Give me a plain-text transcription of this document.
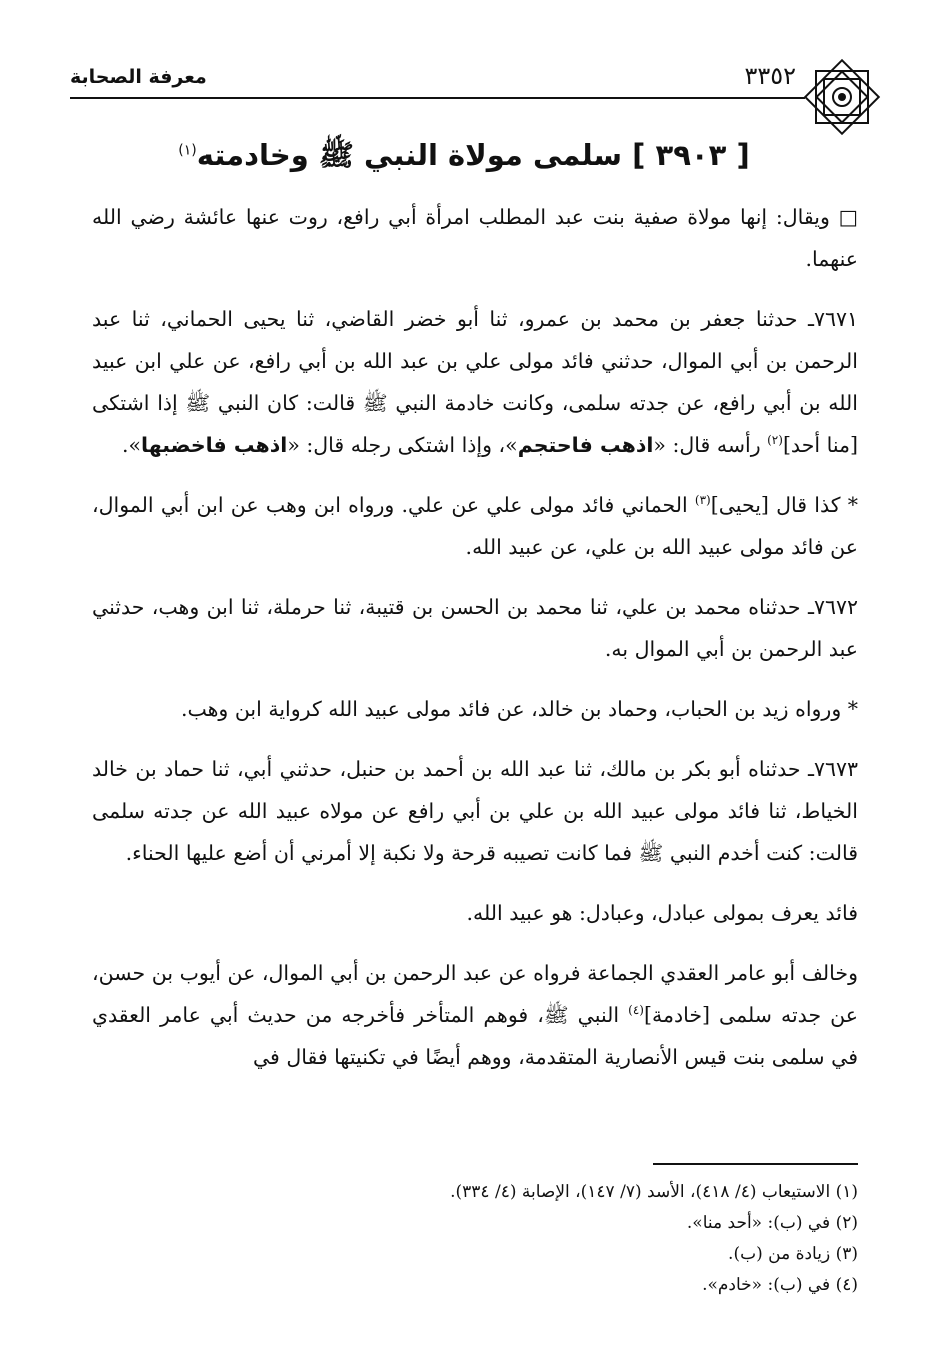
معرفة الصحابة	٣٣٥٢
[ ٣٩٠٣ ] سلمى مولاة النبي ﷺ وخادمته$^{(١)}$

□ ويقال: إنها مولاة صفية بنت عبد المطلب امرأة أبي رافع، روت عنها عائشة رضي الله عنهما.

٧٦٧١ـ حدثنا جعفر بن محمد بن عمرو، ثنا أبو خضر القاضي، ثنا يحيى الحماني، ثنا عبد الرحمن بن أبي الموال، حدثني فائد مولى علي بن عبد الله بن أبي رافع، عن علي ابن عبيد الله بن أبي رافع، عن جدته سلمى، وكانت خادمة النبي ﷺ قالت: كان النبي ﷺ إذا اشتكى [منا أحد]$^{(٢)}$ رأسه قال: «اذهب فاحتجم»، وإذا اشتكى رجله قال: «اذهب فاخضبها».

* كذا قال [يحيى]$^{(٣)}$ الحماني فائد مولى علي عن علي. ورواه ابن وهب عن ابن أبي الموال، عن فائد مولى عبيد الله بن علي، عن عبيد الله.

٧٦٧٢ـ حدثناه محمد بن علي، ثنا محمد بن الحسن بن قتيبة، ثنا حرملة، ثنا ابن وهب، حدثني عبد الرحمن بن أبي الموال به.

* ورواه زيد بن الحباب، وحماد بن خالد، عن فائد مولى عبيد الله كرواية ابن وهب.

٧٦٧٣ـ حدثناه أبو بكر بن مالك، ثنا عبد الله بن أحمد بن حنبل، حدثني أبي، ثنا حماد بن خالد الخياط، ثنا فائد مولى عبيد الله بن علي بن أبي رافع عن مولاه عبيد الله عن جدته سلمى قالت: كنت أخدم النبي ﷺ فما كانت تصيبه قرحة ولا نكبة إلا أمرني أن أضع عليها الحناء.

فائد يعرف بمولى عبادل، وعبادل: هو عبيد الله.

وخالف أبو عامر العقدي الجماعة فرواه عن عبد الرحمن بن أبي الموال، عن أيوب بن حسن، عن جدته سلمى [خادمة]$^{(٤)}$ النبي ﷺ، فوهم المتأخر فأخرجه من حديث أبي عامر العقدي في سلمى بنت قيس الأنصارية المتقدمة، ووهم أيضًا في تكنيتها فقال في

(١) الاستيعاب (٤/ ٤١٨)، الأسد (٧/ ١٤٧)، الإصابة (٤/ ٣٣٤).
(٢) في (ب): «أحد منا».
(٣) زيادة من (ب).
(٤) في (ب): «خادم».
